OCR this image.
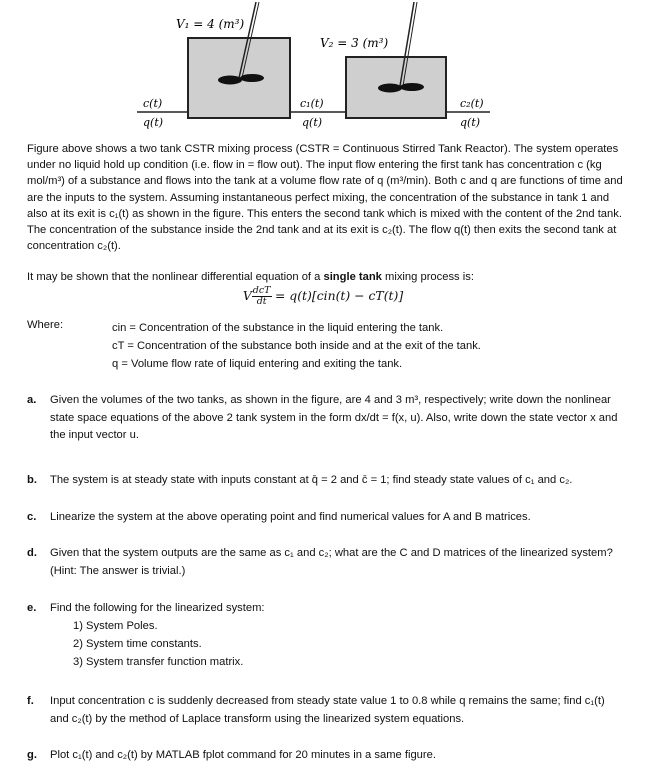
V₁ = 4 (m³)
V₂ = 3 (m³)
c(t)
q(t)
c₁(t)
q(t)
c₂(t)
q(t)

Figure above shows a two tank CSTR mixing process (CSTR = Continuous Stirred Tank Reactor). The system operates under no liquid hold up condition (i.e. flow in = flow out). The input flow entering the first tank has concentration c (kg mol/m³) of a substance and flows into the tank at a volume flow rate of q (m³/min). Both c and q are functions of time and are the inputs to the system. Assuming instantaneous perfect mixing, the concentration of the substance in tank 1 and also at its exit is c₁(t) as shown in the figure. This enters the second tank which is mixed with the content of the 2nd tank. The concentration of the substance inside the 2nd tank and at its exit is c₂(t). The flow q(t) then exits the second tank at concentration c₂(t).

It may be shown that the nonlinear differential equation of a single tank mixing process is:

V $\frac{\text{dcT}}{dt} = q(t)[cin(t) - cT(t)]$
Where:	cin = Concentration of the substance in the liquid entering the tank.
cT = Concentration of the substance both inside and at the exit of the tank.
q = Volume flow rate of liquid entering and exiting the tank.
a. Given the volumes of the two tanks, as shown in the figure, are 4 and 3 m³, respectively; write down the nonlinear state space equations of the above 2 tank system in the form dx/dt = f(x, u). Also, write down the state vector x and the input vector u.
b. The system is at steady state with inputs constant at q̄ = 2 and c̄ = 1; find steady state values of c₁ and c₂.
c. Linearize the system at the above operating point and find numerical values for A and B matrices.
d. Given that the system outputs are the same as c₁ and c₂; what are the C and D matrices of the linearized system? (Hint: The answer is trivial.)
e. Find the following for the linearized system:
1) System Poles.
2) System time constants.
3) System transfer function matrix.
f. Input concentration c is suddenly decreased from steady state value 1 to 0.8 while q remains the same; find c₁(t) and c₂(t) by the method of Laplace transform using the linearized system equations.
g. Plot c₁(t) and c₂(t) by MATLAB fplot command for 20 minutes in a same figure.
